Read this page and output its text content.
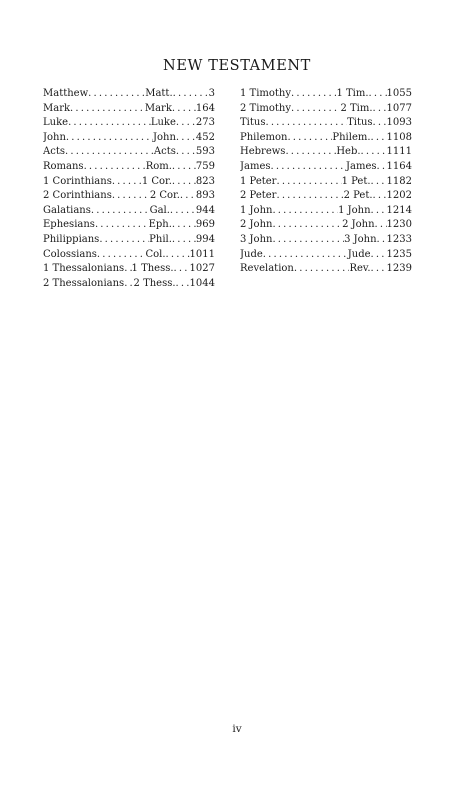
NEW TESTAMENT
Matthew . . .	Matt. . . .	3
Mark . . .	Mark . . . 164
Luke . . .	Luke . . . 273
John . . .	John . . . 452
Acts . . .	Acts . . . 593
Romans . . .	Rom. . . . 759
1 Corinthians . . .	1 Cor. . . . 823
2 Corinthians . . .	2 Cor. . . . 893
Galatians . . .	Gal. . . .	944
Ephesians . . .	Eph. . . . 969
Philippians . . .	Phil. . . . 994
Colossians . . .	Col. . . . 1011
1 Thessalonians . . . 1 Thess. . . . 1027
2 Thessalonians . . . 2 Thess. . . . 1044
1 Timothy . . .	1 Tim. . . . 1055
2 Timothy . . .	2 Tim. . . . 1077
Titus . . .	Titus . . . 1093
Philemon . . .	Philem. . . . 1108
Hebrews . . .	Heb. . . .	1111
James . . .	James . . . 1164
1 Peter . . .	1 Pet. . . . 1182
2 Peter . . .	2 Pet. . . . 1202
1 John . . .	1 John . . . 1214
2 John . . .	2 John . . . 1230
3 John . . .	3 John . . . 1233
Jude . . .	Jude . . . 1235
Revelation . . .	Rev. . . . 1239
iv
